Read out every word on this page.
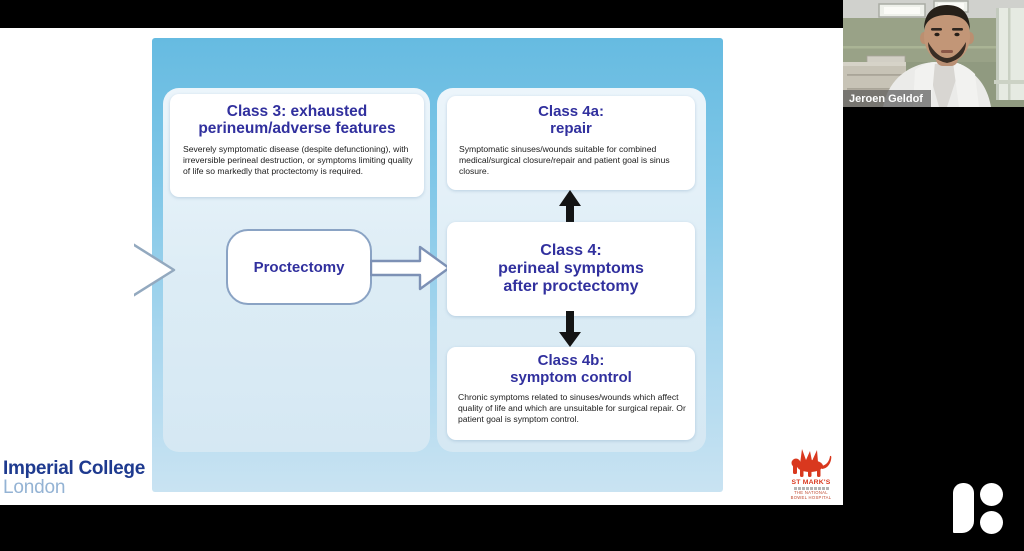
Class 3: exhausted
perineum/adverse features
Severely symptomatic disease (despite defunctioning), with irreversible perineal destruction, or symptoms limiting quality of life so markedly that proctectomy is required.
Proctectomy
Class 4a:
repair
Symptomatic sinuses/wounds suitable for combined medical/surgical closure/repair and patient goal is sinus closure.
Class 4:
perineal symptoms
after proctectomy
Class 4b:
symptom control
Chronic symptoms related to sinuses/wounds which affect quality of life and which are unsuitable for surgical repair. Or patient goal is symptom control.
Imperial College
London	ST MARK'S
THE NATIONAL
BOWEL HOSPITAL
Jeroen Geldof
